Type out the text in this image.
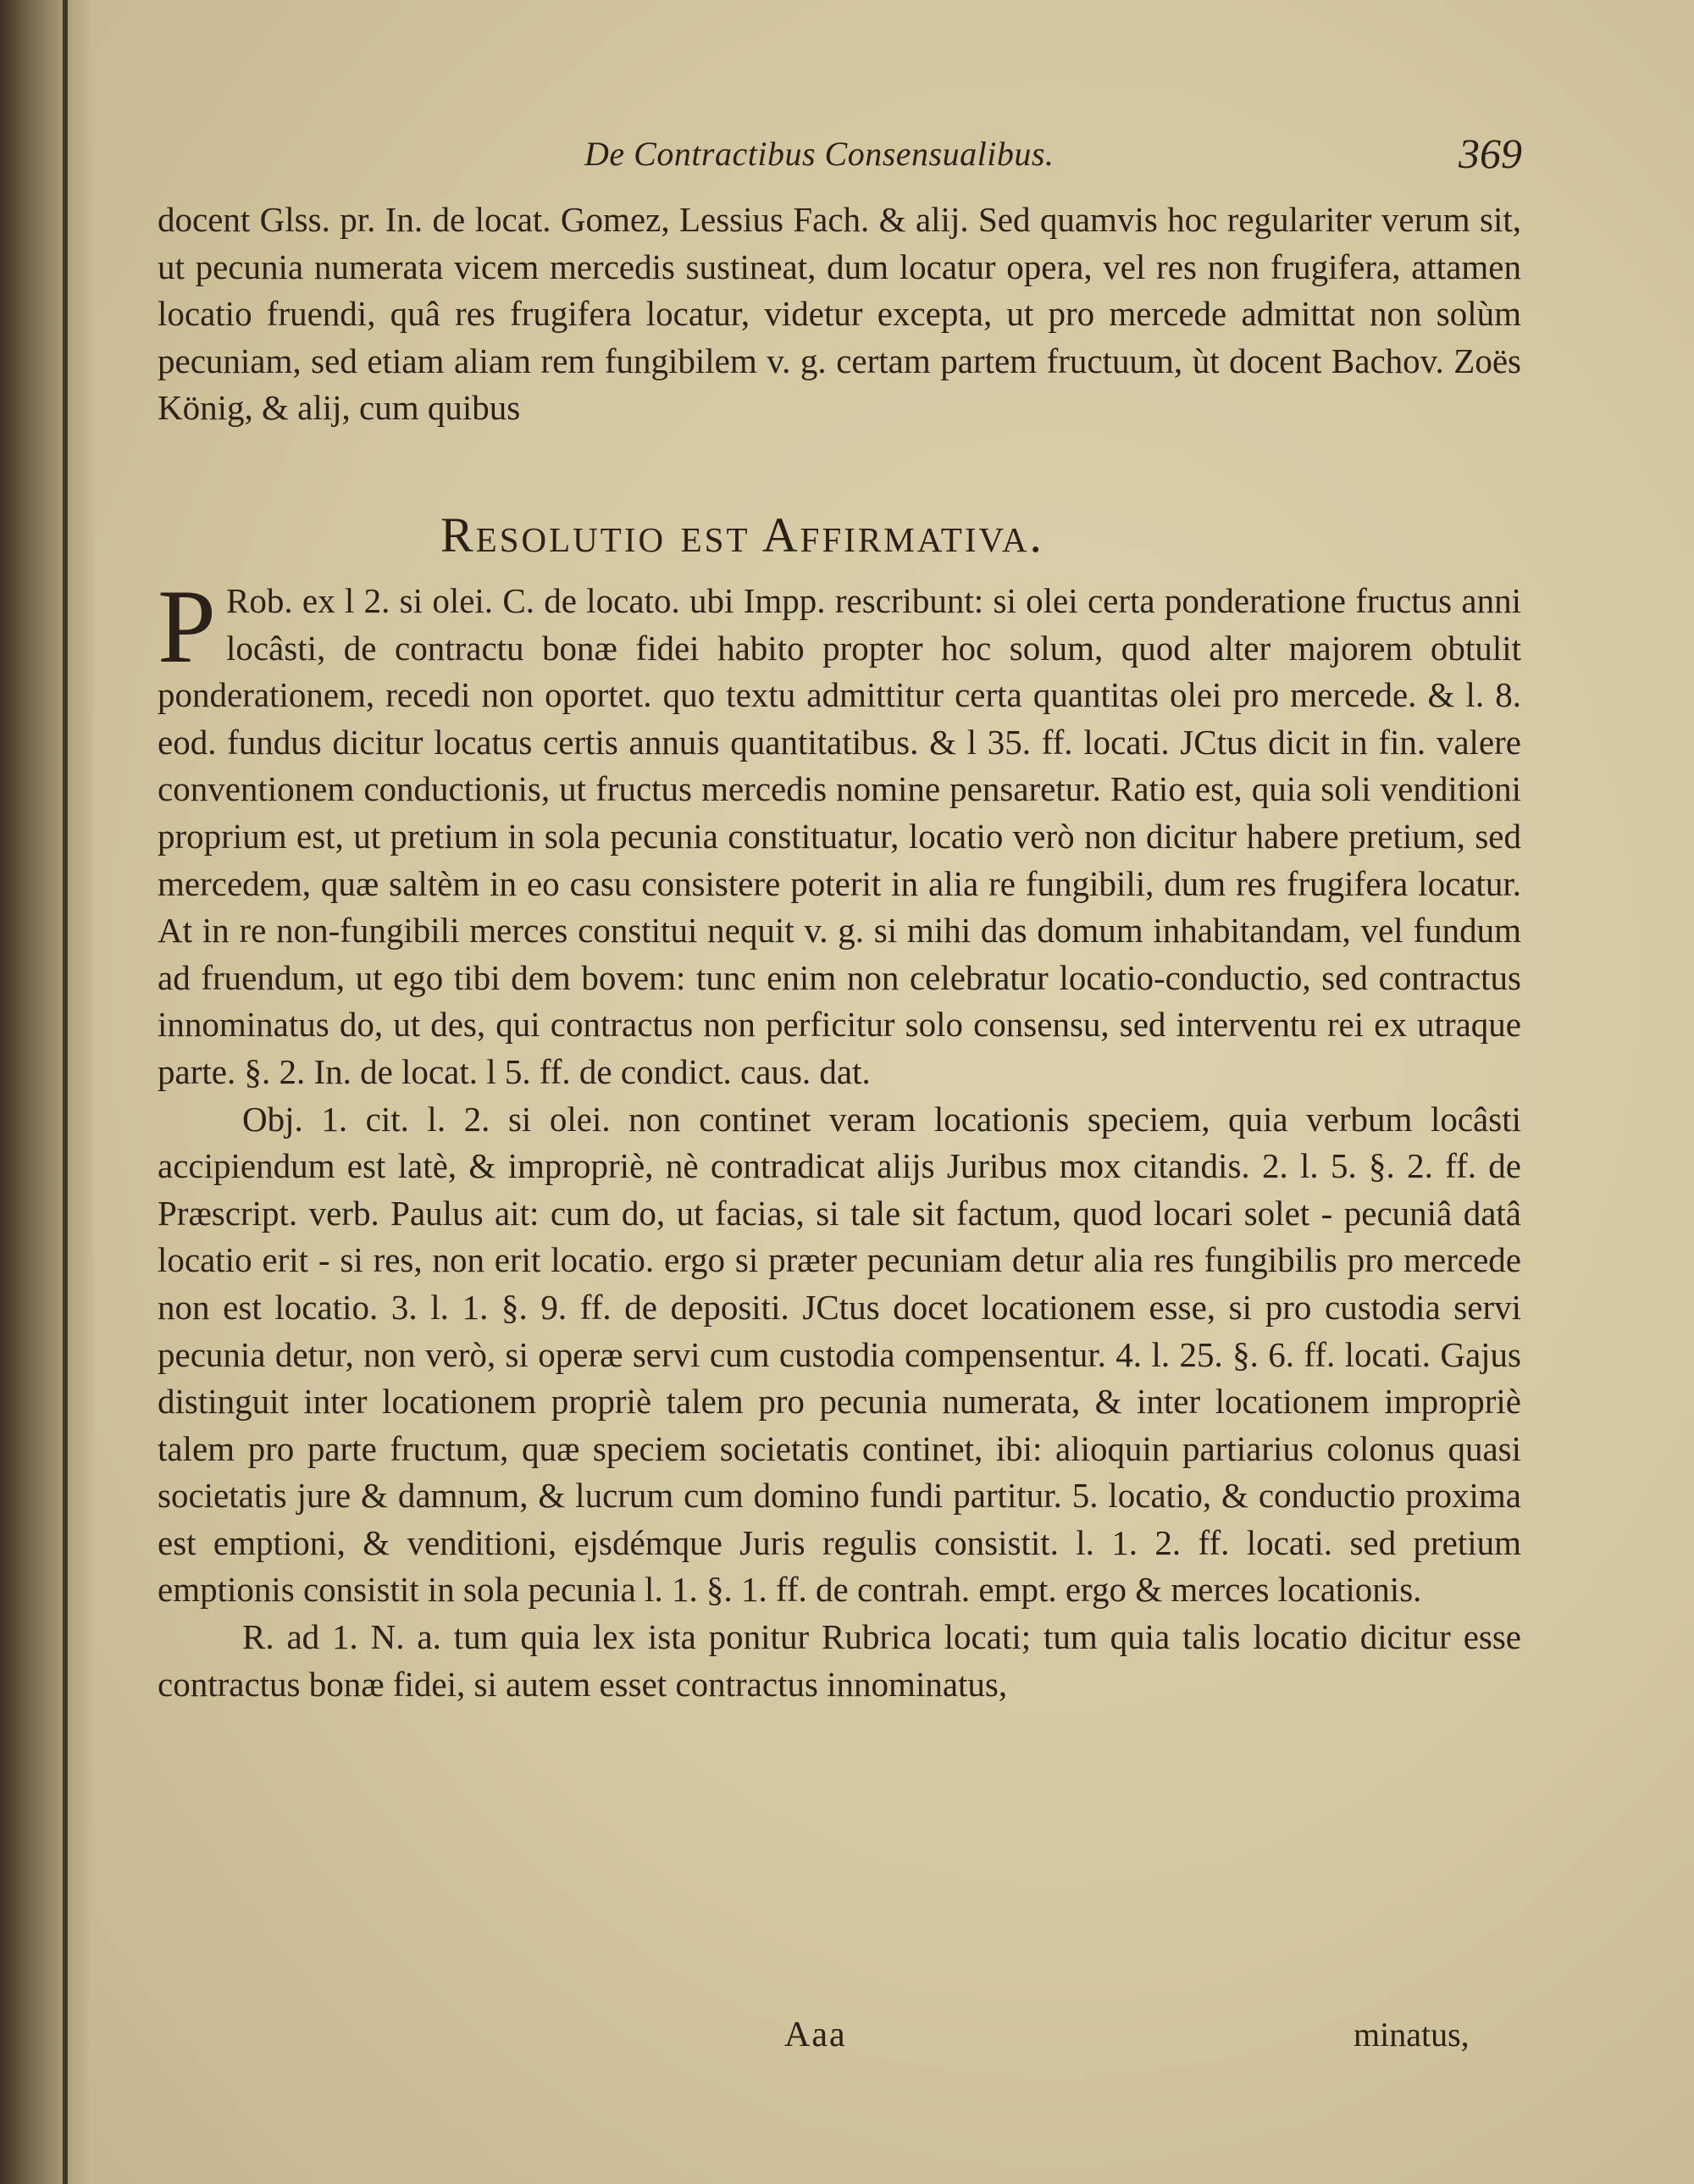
De Contractibus Consensualibus.	369

docent Glss. pr. In. de locat. Gomez, Lessius Fach. & alij. Sed quamvis hoc regulariter verum sit, ut pecunia numerata vicem mercedis sustineat, dum locatur opera, vel res non frugifera, attamen locatio fruendi, quâ res frugifera locatur, videtur excepta, ut pro mercede admittat non solùm pecuniam, sed etiam aliam rem fungibilem v. g. certam partem fructuum, ùt docent Bachov. Zoës König, & alij, cum quibus

Resolutio est Affirmativa.

P Rob. ex l 2. si olei. C. de locato. ubi Impp. rescribunt: si olei certa ponderatione fructus anni locâsti, de contractu bonæ fidei habito propter hoc solum, quod alter majorem obtulit ponderationem, recedi non oportet. quo textu admittitur certa quantitas olei pro mercede. & l. 8. eod. fundus dicitur locatus certis annuis quantitatibus. & l 35. ff. locati. JCtus dicit in fin. valere conventionem conductionis, ut fructus mercedis nomine pensaretur. Ratio est, quia soli venditioni proprium est, ut pretium in sola pecunia constituatur, locatio verò non dicitur habere pretium, sed mercedem, quæ saltèm in eo casu consistere poterit in alia re fungibili, dum res frugifera locatur. At in re non-fungibili merces constitui nequit v. g. si mihi das domum inhabitandam, vel fundum ad fruendum, ut ego tibi dem bovem: tunc enim non celebratur locatio-conductio, sed contractus innominatus do, ut des, qui contractus non perficitur solo consensu, sed interventu rei ex utraque parte. §. 2. In. de locat. l 5. ff. de condict. caus. dat.

Obj. 1. cit. l. 2. si olei. non continet veram locationis speciem, quia verbum locâsti accipiendum est latè, & impropriè, nè contradicat alijs Juribus mox citandis. 2. l. 5. §. 2. ff. de Præscript. verb. Paulus ait: cum do, ut facias, si tale sit factum, quod locari solet - pecuniâ datâ locatio erit - si res, non erit locatio. ergo si præter pecuniam detur alia res fungibilis pro mercede non est locatio. 3. l. 1. §. 9. ff. de depositi. JCtus docet locationem esse, si pro custodia servi pecunia detur, non verò, si operæ servi cum custodia compensentur. 4. l. 25. §. 6. ff. locati. Gajus distinguit inter locationem propriè talem pro pecunia numerata, & inter locationem impropriè talem pro parte fructum, quæ speciem societatis continet, ibi: alioquin partiarius colonus quasi societatis jure & damnum, & lucrum cum domino fundi partitur. 5. locatio, & conductio proxima est emptioni, & venditioni, ejsdémque Juris regulis consistit. l. 1. 2. ff. locati. sed pretium emptionis consistit in sola pecunia l. 1. §. 1. ff. de contrah. empt. ergo & merces locationis.

R. ad 1. N. a. tum quia lex ista ponitur Rubrica locati; tum quia talis locatio dicitur esse contractus bonæ fidei, si autem esset contractus innominatus,

Aaa	minatus,
